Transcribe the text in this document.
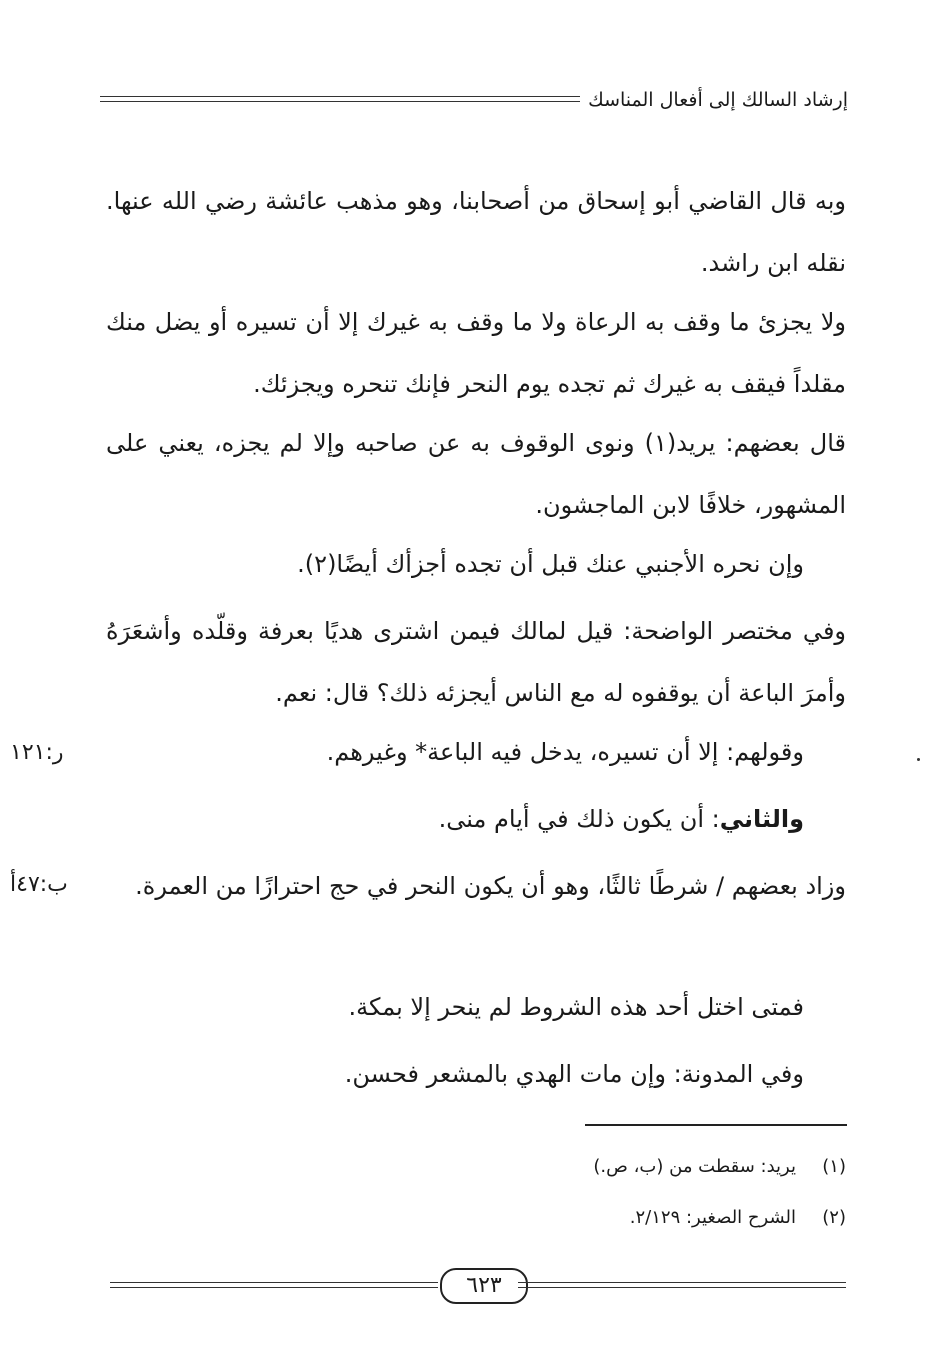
إرشاد السالك إلى أفعال المناسك
وبه قال القاضي أبو إسحاق من أصحابنا، وهو مذهب عائشة رضي الله عنها. نقله ابن راشد.
ولا يجزئ ما وقف به الرعاة ولا ما وقف به غيرك إلا أن تسيره أو يضل منك مقلداً فيقف به غيرك ثم تجده يوم النحر فإنك تنحره ويجزئك.
قال بعضهم: يريد(١) ونوى الوقوف به عن صاحبه وإلا لم يجزه، يعني على المشهور، خلافًا لابن الماجشون.
وإن نحره الأجنبي عنك قبل أن تجده أجزأك أيضًا(٢).
وفي مختصر الواضحة: قيل لمالك فيمن اشترى هديًا بعرفة وقلّده وأشعَرَهُ وأمرَ الباعة أن يوقفوه له مع الناس أيجزئه ذلك؟ قال: نعم.
وقولهم: إلا أن تسيره، يدخل فيه الباعة* وغيرهم.
والثاني: أن يكون ذلك في أيام منى.
وزاد بعضهم / شرطًا ثالثًا، وهو أن يكون النحر في حج احترازًا من العمرة.
فمتى اختل أحد هذه الشروط لم ينحر إلا بمكة.
وفي المدونة: وإن مات الهدي بالمشعر فحسن.
ر:١٢١
ب:٤٧أ
(١)يريد: سقطت من (ب، ص.)
(٢)الشرح الصغير: ٢/١٢٩.
٦٢٣
